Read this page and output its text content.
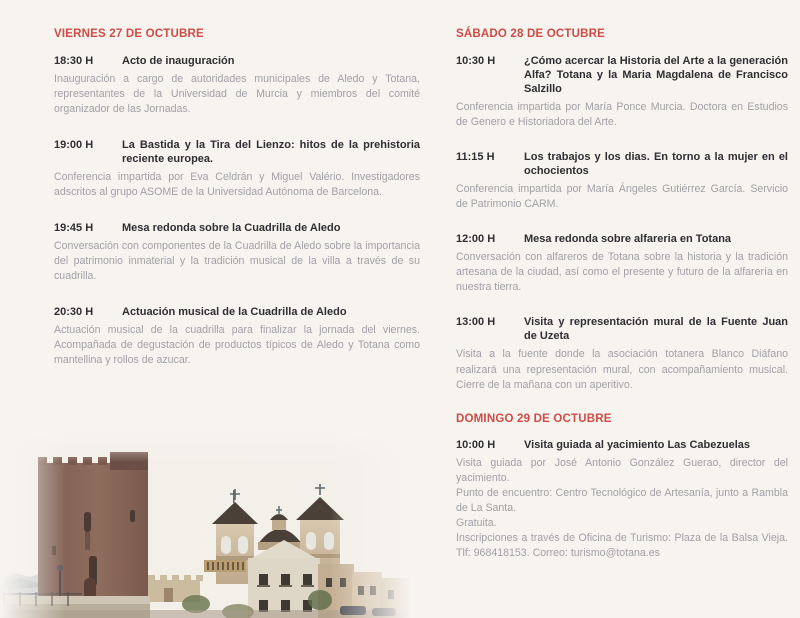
VIERNES 27 DE OCTUBRE
18:30 H	Acto de inauguración

Inauguración a cargo de autoridades municipales de Aledo y Totana, representantes de la Universidad de Murcia y miembros del comité organizador de las Jornadas.

19:00 H	La Bastida y la Tira del Lienzo: hitos de la prehistoria reciente europea.

Conferencia impartida por Eva Celdrán y Miguel Valério. Investigadores adscritos al grupo ASOME de la Universidad Autónoma de Barcelona.

19:45 H	Mesa redonda sobre la Cuadrilla de Aledo

Conversación con componentes de la Cuadrilla de Aledo sobre la importancia del patrimonio inmaterial y la tradición musical de la villa a través de su cuadrilla.

20:30 H	Actuación musical de la Cuadrilla de Aledo

Actuación musical de la cuadrilla para finalizar la jornada del viernes. Acompañada de degustación de productos típicos de Aledo y Totana como mantellina y rollos de azucar.

SÁBADO 28 DE OCTUBRE
10:30 H	¿Cómo acercar la Historia del Arte a la generación Alfa? Totana y la Maria Magdalena de Francisco Salzillo

Conferencia impartida por María Ponce Murcia. Doctora en Estudios de Genero e Historiadora del Arte.

11:15 H	Los trabajos y los dias. En torno a la mujer en el ochocientos

Conferencia impartida por María Ángeles Gutiérrez García. Servicio de Patrimonio CARM.

12:00 H	Mesa redonda sobre alfareria en Totana

Conversación con alfareros de Totana sobre la historia y la tradición artesana de la ciudad, así como el presente y futuro de la alfarería en nuestra tierra.

13:00 H	Visita y representación mural de la Fuente Juan de Uzeta

Visita a la fuente donde la asociación totanera Blanco Diáfano realizará una representación mural, con acompañamiento musical. Cierre de la mañana con un aperitivo.

DOMINGO 29 DE OCTUBRE
10:00 H	Visita guiada al yacimiento Las Cabezuelas

Visita guiada por José Antonio González Guerao, director del yacimiento.
Punto de encuentro: Centro Tecnológico de Artesanía, junto a Rambla de La Santa.
Gratuita.
Inscripciones a través de Oficina de Turismo: Plaza de la Balsa Vieja. Tlf: 968418153. Correo: turismo@totana.es
